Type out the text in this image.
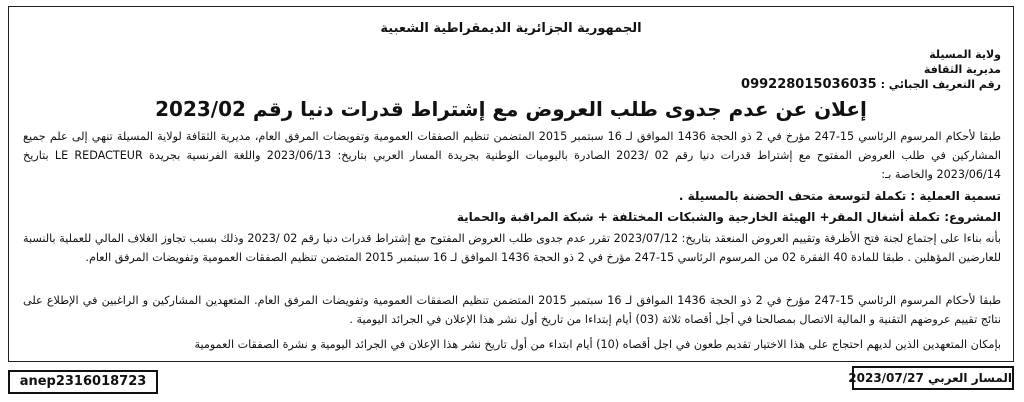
الجمهورية الجزائرية الديمقراطية الشعبية
ولاية المسيلة
مديرية الثقافة
رقم التعريف الجبائي : 099228015036035
إعلان عن عدم جدوى طلب العروض مع إشتراط قدرات دنيا رقم 2023/02
طبقا لأحكام المرسوم الرئاسي 15-247 مؤرخ في 2 ذو الحجة 1436 الموافق لـ 16 سبتمبر 2015 المتضمن تنظيم الصفقات العمومية وتفويضات المرفق العام، مديرية الثقافة لولاية المسيلة تنهي إلى علم جميع المشاركين في طلب العروض المفتوح مع إشتراط قدرات دنيا رقم 02 /2023 الصادرة باليوميات الوطنية بجريدة المسار العربي بتاريخ: 2023/06/13 واللغة الفرنسية بجريدة LE REDACTEUR بتاريخ 2023/06/14 والخاصة بـ:
تسمية العملية : تكملة لتوسعة متحف الحضنة بالمسيلة .
المشروع: تكملة أشغال المقر+ الهيئة الخارجية والشبكات المختلفة + شبكة المراقبة والحماية
بأنه بناءا على إجتماع لجنة فتح الأظرفة وتقييم العروض المنعقد بتاريخ: 2023/07/12 تقرر عدم جدوى طلب العروض المفتوح مع إشتراط قدرات دنيا رقم 02 /2023 وذلك بسبب تجاوز الغلاف المالي للعملية بالنسبة للعارضين المؤهلين . طبقا للمادة 40 الفقرة 02 من المرسوم الرئاسي 15-247 مؤرخ في 2 ذو الحجة 1436 الموافق لـ 16 سبتمبر 2015 المتضمن تنظيم الصفقات العمومية وتفويضات المرفق العام.
طبقا لأحكام المرسوم الرئاسي 15-247 مؤرخ في 2 ذو الحجة 1436 الموافق لـ 16 سبتمبر 2015 المتضمن تنظيم الصفقات العمومية وتفويضات المرفق العام. المتعهدين المشاركين و الراغبين في الإطلاع على نتائج تقييم عروضهم التقنية و المالية الاتصال بمصالحنا في أجل أقصاه ثلاثة (03) أيام إبتداءا من تاريخ أول نشر هذا الإعلان في الجرائد اليومية .
بإمكان المتعهدين الذين لديهم احتجاج على هذا الاختيار تقديم طعون في اجل أقصاه (10) أيام ابتداء من أول تاريخ نشر هذا الإعلان في الجرائد اليومية و نشرة الصفقات العمومية
anep2316018723	المسار العربي 2023/07/27
